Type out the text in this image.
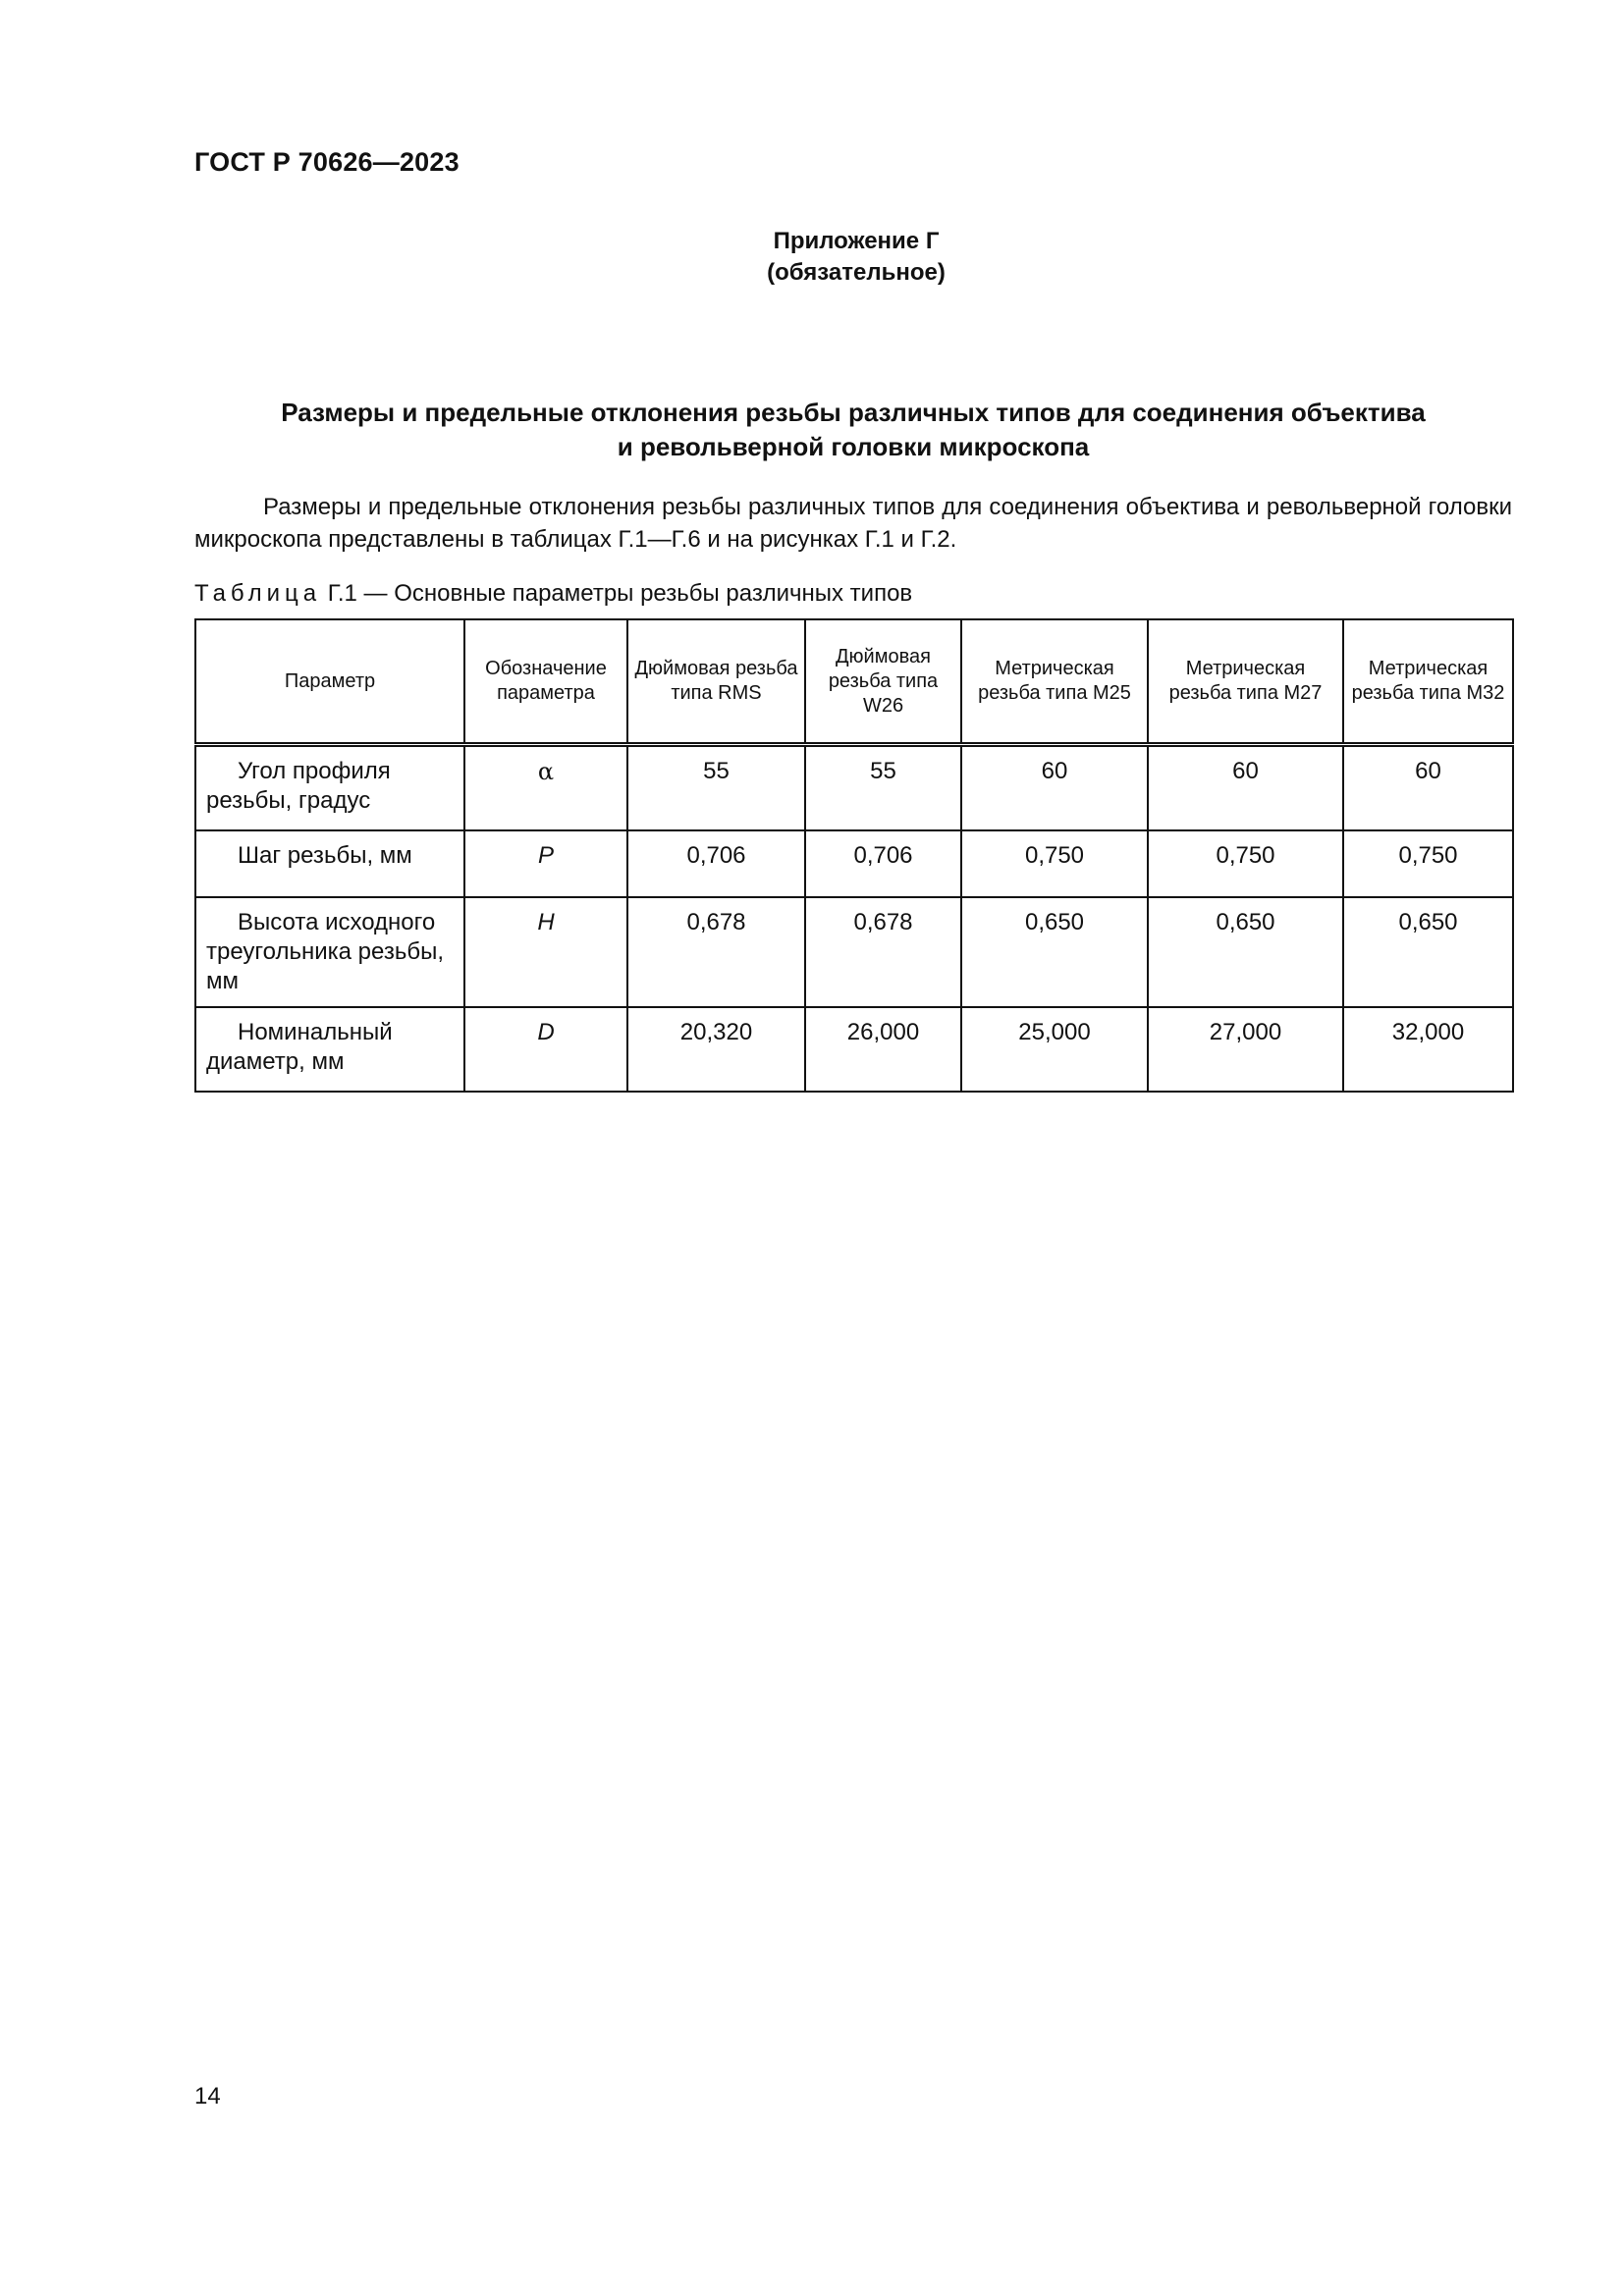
ГОСТ Р 70626—2023
Приложение Г
(обязательное)
Размеры и предельные отклонения резьбы различных типов для соединения объектива
и револьверной головки микроскопа
Размеры и предельные отклонения резьбы различных типов для соединения объектива и револьверной головки микроскопа представлены в таблицах Г.1—Г.6 и на рисунках Г.1 и Г.2.
Таблица Г.1 — Основные параметры резьбы различных типов
Параметр	Обозначение параметра	Дюймовая резьба типа RMS	Дюймовая резьба типа W26	Метрическая резьба типа M25	Метрическая резьба типа M27	Метрическая резьба типа M32
Угол профиля резьбы, градус	α	55	55	60	60	60
Шаг резьбы, мм	P	0,706	0,706	0,750	0,750	0,750
Высота исходного треугольника резьбы, мм	H	0,678	0,678	0,650	0,650	0,650
Номинальный диаметр, мм	D	20,320	26,000	25,000	27,000	32,000
14
